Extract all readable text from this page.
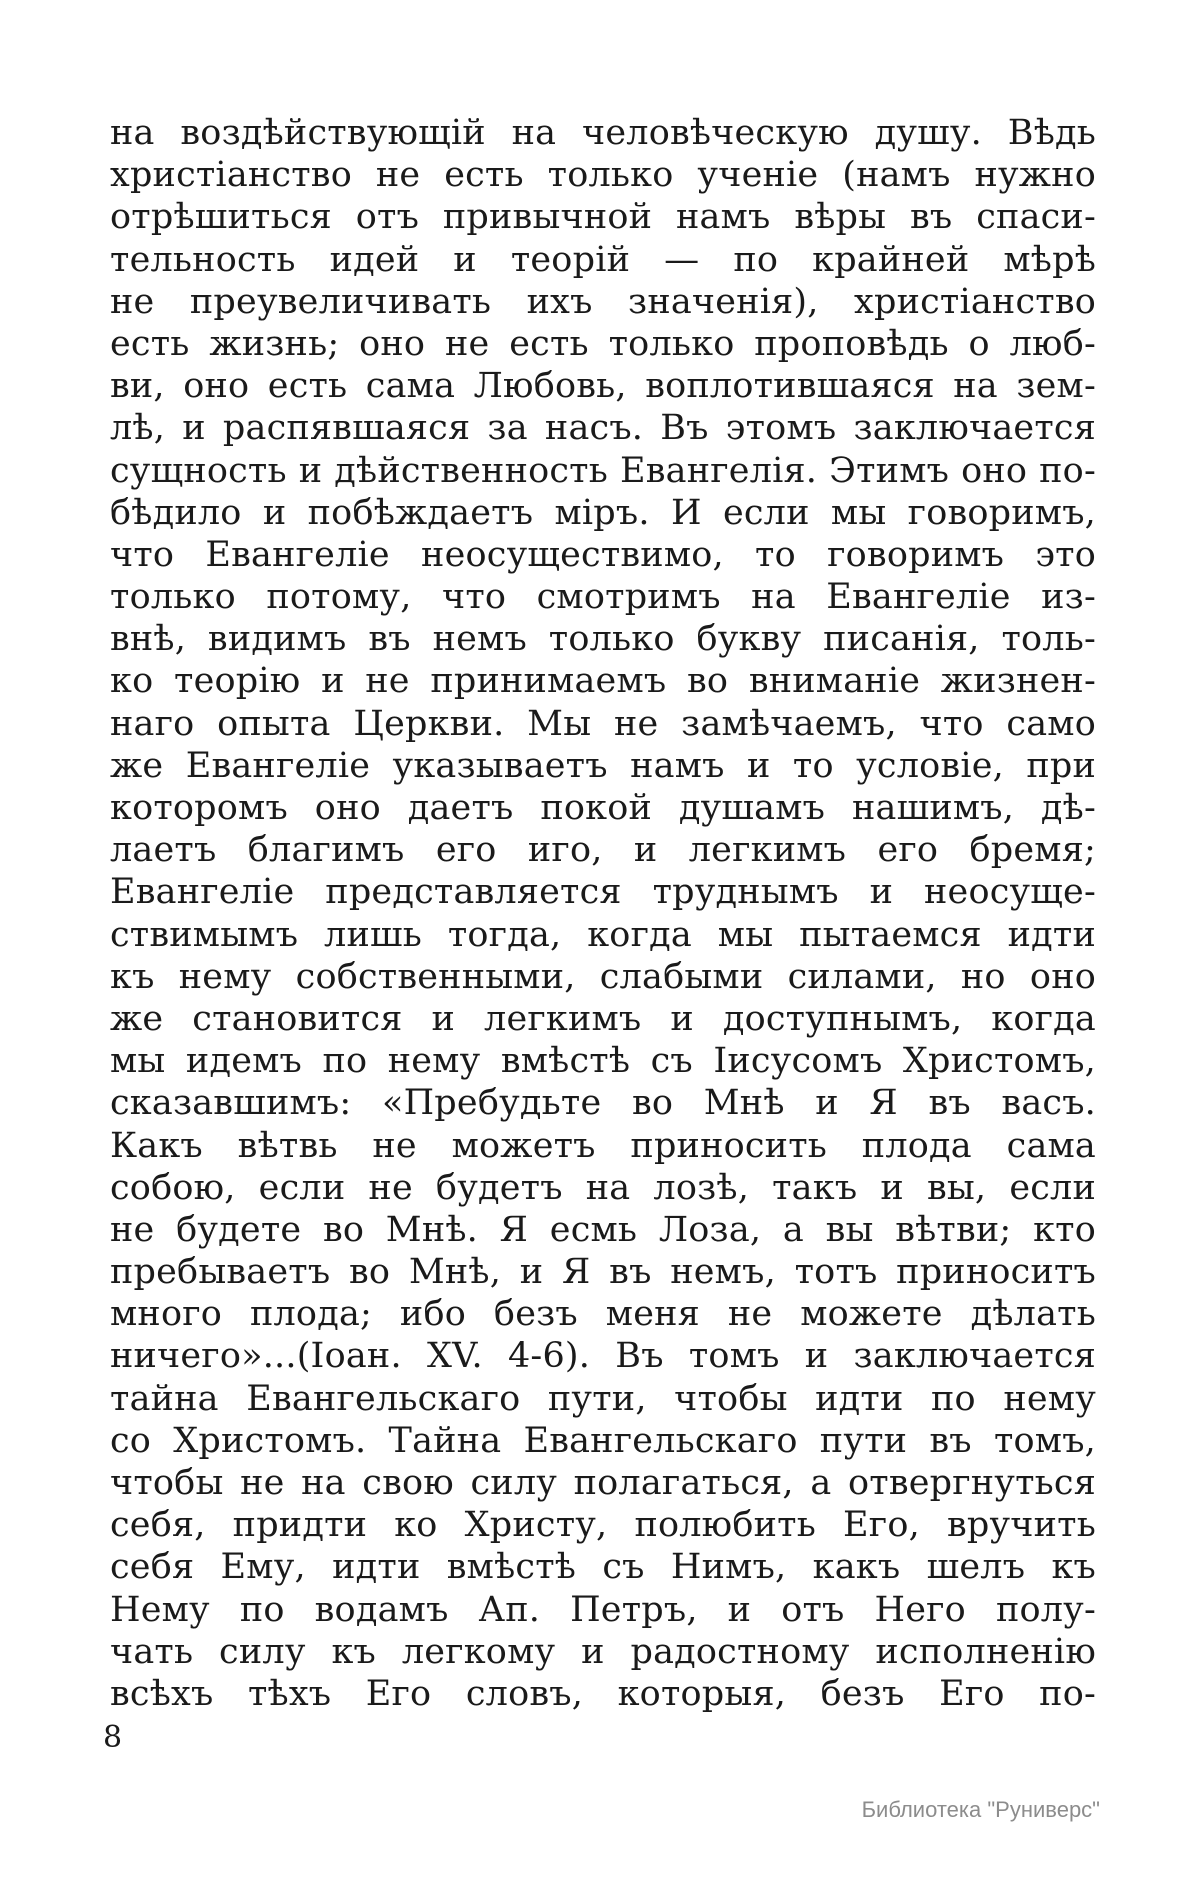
на воздѣйствующій на человѣческую душу. Вѣдь
христіанство не есть только ученіе (намъ нужно
отрѣшиться отъ привычной намъ вѣры въ спаси-
тельность идей и теорій — по крайней мѣрѣ
не преувеличивать ихъ значенія), христіанство
есть жизнь; оно не есть только проповѣдь о люб-
ви, оно есть сама Любовь, воплотившаяся на зем-
лѣ, и распявшаяся за насъ. Въ этомъ заключается
сущность и дѣйственность Евангелія. Этимъ оно по-
бѣдило и побѣждаетъ міръ. И если мы говоримъ,
что Евангеліе неосуществимо, то говоримъ это
только потому, что смотримъ на Евангеліе из-
внѣ, видимъ въ немъ только букву писанія, толь-
ко теорію и не принимаемъ во вниманіе жизнен-
наго опыта Церкви. Мы не замѣчаемъ, что само
же Евангеліе указываетъ намъ и то условіе, при
которомъ оно даетъ покой душамъ нашимъ, дѣ-
лаетъ благимъ его иго, и легкимъ его бремя;
Евангеліе представляется труднымъ и неосуще-
ствимымъ лишь тогда, когда мы пытаемся идти
къ нему собственными, слабыми силами, но оно
же становится и легкимъ и доступнымъ, когда
мы идемъ по нему вмѣстѣ съ Іисусомъ Христомъ,
сказавшимъ: «Пребудьте во Мнѣ и Я въ васъ.
Какъ вѣтвь не можетъ приносить плода сама
собою, если не будетъ на лозѣ, такъ и вы, если
не будете во Мнѣ. Я есмь Лоза, а вы вѣтви; кто
пребываетъ во Мнѣ, и Я въ немъ, тотъ приноситъ
много плода; ибо безъ меня не можете дѣлать
ничего»...(Іоан. XV. 4-6). Въ томъ и заключается
тайна Евангельскаго пути, чтобы идти по нему
со Христомъ. Тайна Евангельскаго пути въ томъ,
чтобы не на свою силу полагаться, а отвергнуться
себя, придти ко Христу, полюбить Его, вручить
себя Ему, идти вмѣстѣ съ Нимъ, какъ шелъ къ
Нему по водамъ Ап. Петръ, и отъ Него полу-
чать силу къ легкому и радостному исполненію
всѣхъ тѣхъ Его словъ, которыя, безъ Его по-
8
Библиотека "Руниверс"
